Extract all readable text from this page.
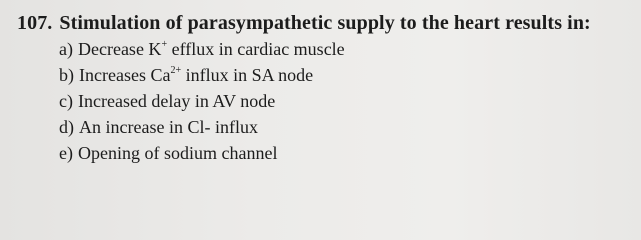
107. Stimulation of parasympathetic supply to the heart results in:
a) Decrease K+ efflux in cardiac muscle
b) Increases $Ca^{2+}$ influx in SA node
c) Increased delay in AV node
d) An increase in Cl- influx
e) Opening of sodium channel
